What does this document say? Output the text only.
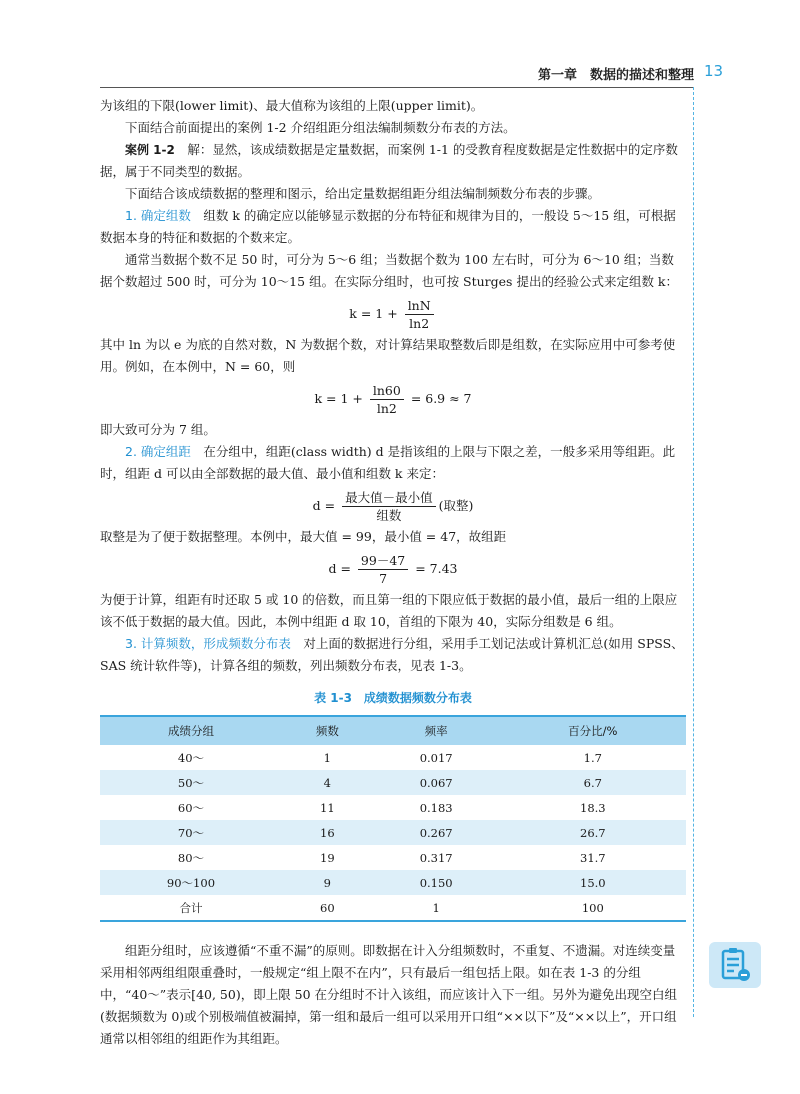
第一章　数据的描述和整理 13

为该组的下限(lower limit)、最大值称为该组的上限(upper limit)。

下面结合前面提出的案例 1-2 介绍组距分组法编制频数分布表的方法。

案例 1-2　解：显然，该成绩数据是定量数据，而案例 1-1 的受教育程度数据是定性数据中的定序数据，属于不同类型的数据。

下面结合该成绩数据的整理和图示，给出定量数据组距分组法编制频数分布表的步骤。

1. 确定组数　组数 k 的确定应以能够显示数据的分布特征和规律为目的，一般设 5～15 组，可根据数据本身的特征和数据的个数来定。

通常当数据个数不足 50 时，可分为 5～6 组；当数据个数为 100 左右时，可分为 6～10 组；当数据个数超过 500 时，可分为 10～15 组。在实际分组时，也可按 Sturges 提出的经验公式来定组数 k：

$k = 1 + \frac{\ln N}{\ln 2}$

其中 ln 为以 e 为底的自然对数，N 为数据个数，对计算结果取整数后即是组数，在实际应用中可参考使用。例如，在本例中，N = 60，则

$k = 1 + \frac{\ln 60}{\ln 2} = 6.9 \approx 7$

即大致可分为 7 组。

2. 确定组距　在分组中，组距(class width) d 是指该组的上限与下限之差，一般多采用等组距。此时，组距 d 可以由全部数据的最大值、最小值和组数 k 来定：

$d = \frac{\text{最大值－最小值}}{\text{组数}}$ (取整)

取整是为了便于数据整理。本例中，最大值 = 99，最小值 = 47，故组距

$d = \frac{99-47}{7} = 7.43$

为便于计算，组距有时还取 5 或 10 的倍数，而且第一组的下限应低于数据的最小值，最后一组的上限应该不低于数据的最大值。因此，本例中组距 d 取 10，首组的下限为 40，实际分组数是 6 组。

3. 计算频数，形成频数分布表　对上面的数据进行分组，采用手工划记法或计算机汇总(如用 SPSS、SAS 统计软件等)，计算各组的频数，列出频数分布表，见表 1-3。

表 1-3　成绩数据频数分布表
成绩分组	频数	频率	百分比/%
40～	1	0.017	1.7
50～	4	0.067	6.7
60～	11	0.183	18.3
70～	16	0.267	26.7
80～	19	0.317	31.7
90～100	9	0.150	15.0
合计	60	1	100

组距分组时，应该遵循“不重不漏”的原则。即数据在计入分组频数时，不重复、不遗漏。对连续变量采用相邻两组组限重叠时，一般规定“组上限不在内”，只有最后一组包括上限。如在表 1-3 的分组中，“40～”表示[40, 50)，即上限 50 在分组时不计入该组，而应该计入下一组。另外为避免出现空白组(数据频数为 0)或个别极端值被漏掉，第一组和最后一组可以采用开口组“××以下”及“××以上”，开口组通常以相邻组的组距作为其组距。
